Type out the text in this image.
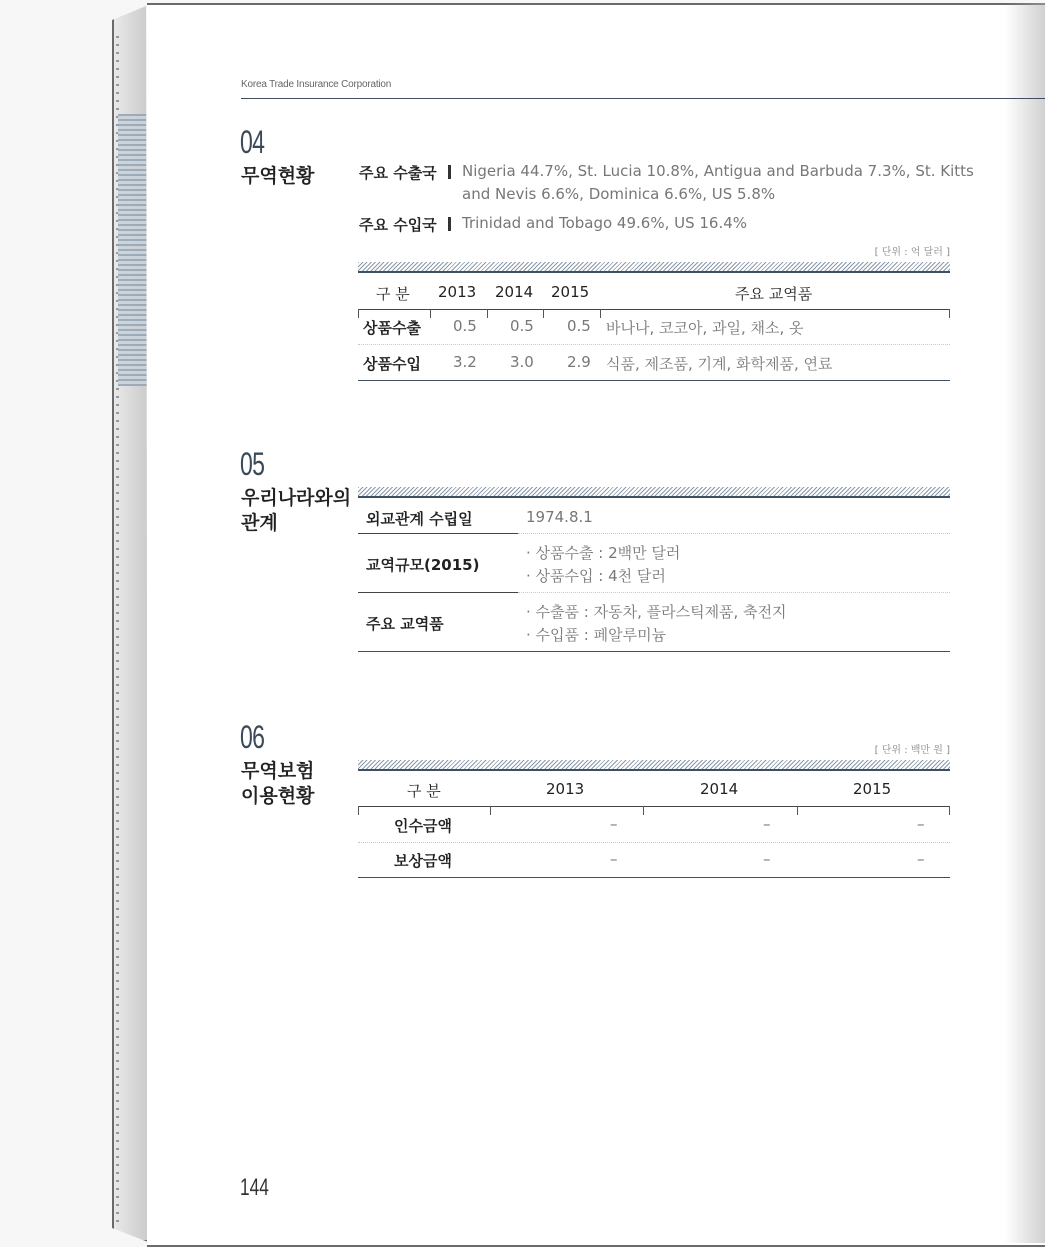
Korea Trade Insurance Corporation
04
무역현황	주요 수출국 Nigeria 44.7%, St. Lucia 10.8%, Antigua and Barbuda 7.3%, St. Kitts
and Nevis 6.6%, Dominica 6.6%, US 5.8%
주요 수입국 Trinidad and Tobago 49.6%, US 16.4%
[ 단위 : 억 달러 ]
구 분 2013 2014 2015	주요 교역품
상품수출 0.5 0.5 0.5 바나나, 코코아, 과일, 채소, 옷
상품수입 3.2 3.0 2.9 식품, 제조품, 기계, 화학제품, 연료
05
우리나라와의
관계	외교관계 수립일	1974.8.1
교역규모(2015)
· 상품수출 : 2백만 달러
· 상품수입 : 4천 달러
주요 교역품
· 수출품 : 자동차, 플라스틱제품, 축전지
· 수입품 : 페알루미늄
06
무역보험
이용현황
[ 단위 : 백만 원 ]
구 분	2013	2014	2015
인수금액	–	–	–
보상금액	–	–	–
144
